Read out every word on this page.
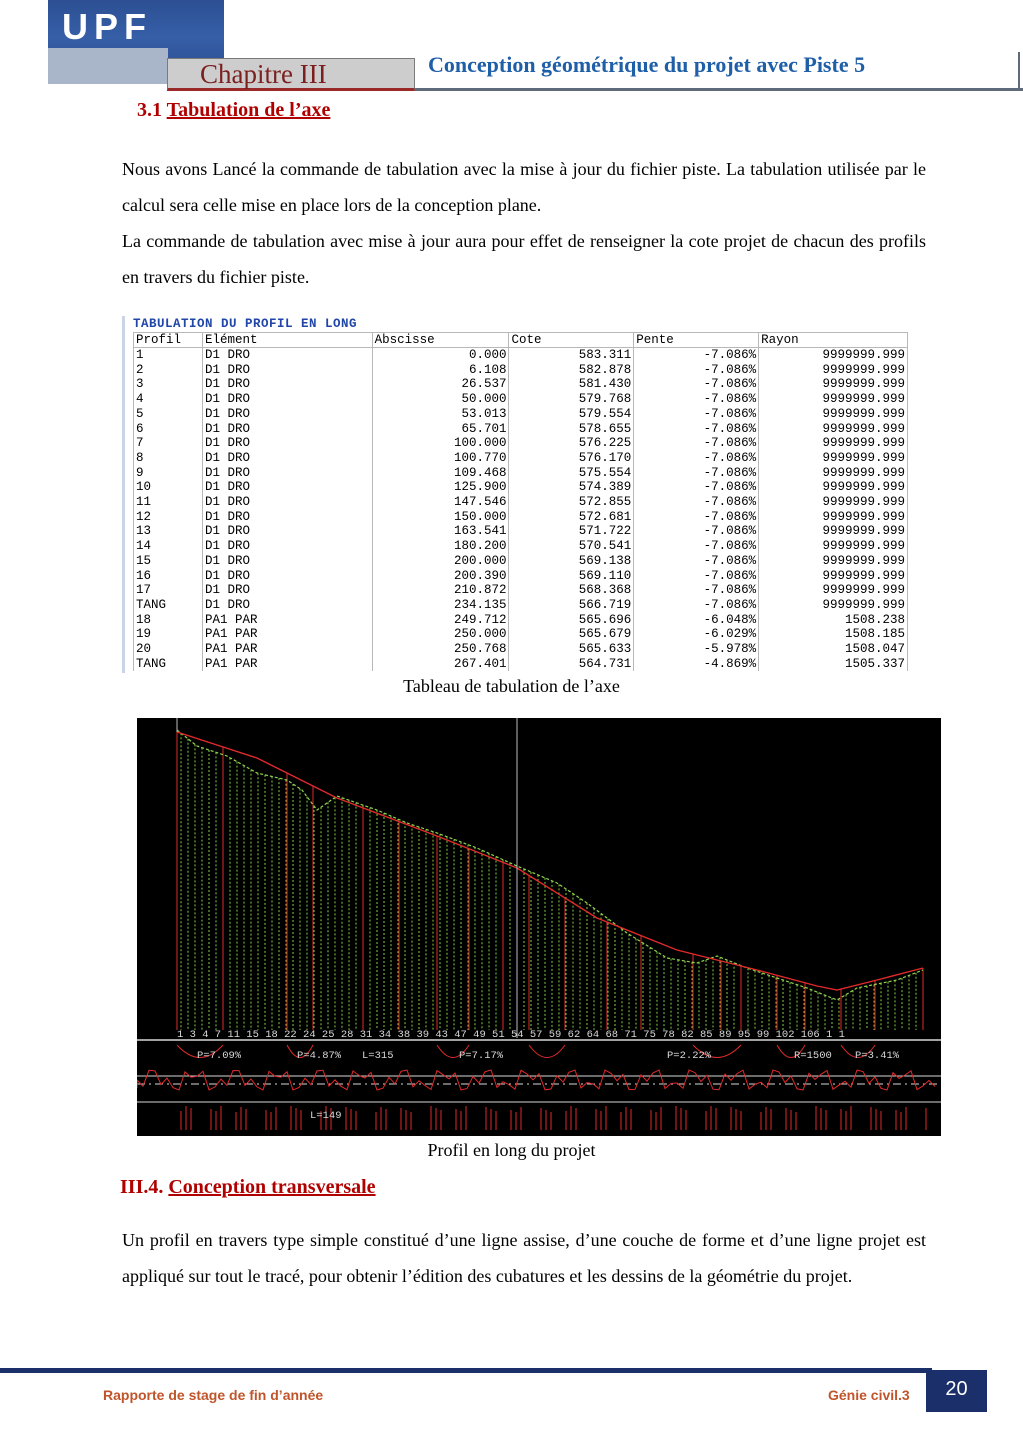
UPF
Chapitre III	Conception géométrique du projet avec Piste 5
3.1 Tabulation de l’axe
Nous avons Lancé la commande de tabulation avec la mise à jour du fichier piste. La tabulation utilisée par le calcul sera celle mise en place lors de la conception plane.
La commande de tabulation avec mise à jour aura pour effet de renseigner la cote projet de chacun des profils en travers du fichier piste.
TABULATION DU PROFIL EN LONG
Profil	Elément	Abscisse	Cote	Pente	Rayon
1	D1 DRO	0.000	583.311	-7.086%	9999999.999
2	D1 DRO	6.108	582.878	-7.086%	9999999.999
3	D1 DRO	26.537	581.430	-7.086%	9999999.999
4	D1 DRO	50.000	579.768	-7.086%	9999999.999
5	D1 DRO	53.013	579.554	-7.086%	9999999.999
6	D1 DRO	65.701	578.655	-7.086%	9999999.999
7	D1 DRO	100.000	576.225	-7.086%	9999999.999
8	D1 DRO	100.770	576.170	-7.086%	9999999.999
9	D1 DRO	109.468	575.554	-7.086%	9999999.999
10	D1 DRO	125.900	574.389	-7.086%	9999999.999
11	D1 DRO	147.546	572.855	-7.086%	9999999.999
12	D1 DRO	150.000	572.681	-7.086%	9999999.999
13	D1 DRO	163.541	571.722	-7.086%	9999999.999
14	D1 DRO	180.200	570.541	-7.086%	9999999.999
15	D1 DRO	200.000	569.138	-7.086%	9999999.999
16	D1 DRO	200.390	569.110	-7.086%	9999999.999
17	D1 DRO	210.872	568.368	-7.086%	9999999.999
TANG	D1 DRO	234.135	566.719	-7.086%	9999999.999
18	PA1 PAR	249.712	565.696	-6.048%	1508.238
19	PA1 PAR	250.000	565.679	-6.029%	1508.185
20	PA1 PAR	250.768	565.633	-5.978%	1508.047
TANG	PA1 PAR	267.401	564.731	-4.869%	1505.337
Tableau de tabulation de l’axe
1 3 4 7 11 15 18 22 24 25 28 31 34 38 39 43 47 49 51 54 57 59 62 64 68 71 75 78 82 85 89 95 99 102 106 1 1
P=7.09%	P=4.87% L=315	P=7.17%	P=2.22%	R=1500 P=3.41%
L=149
Profil en long du projet
III.4. Conception transversale
Un profil en travers type simple constitué d’une ligne assise, d’une couche de forme et d’une ligne projet est appliqué sur tout le tracé, pour obtenir l’édition des cubatures et les dessins de la géométrie du projet.
Rapporte de stage de fin d’année	Génie civil.3	20
